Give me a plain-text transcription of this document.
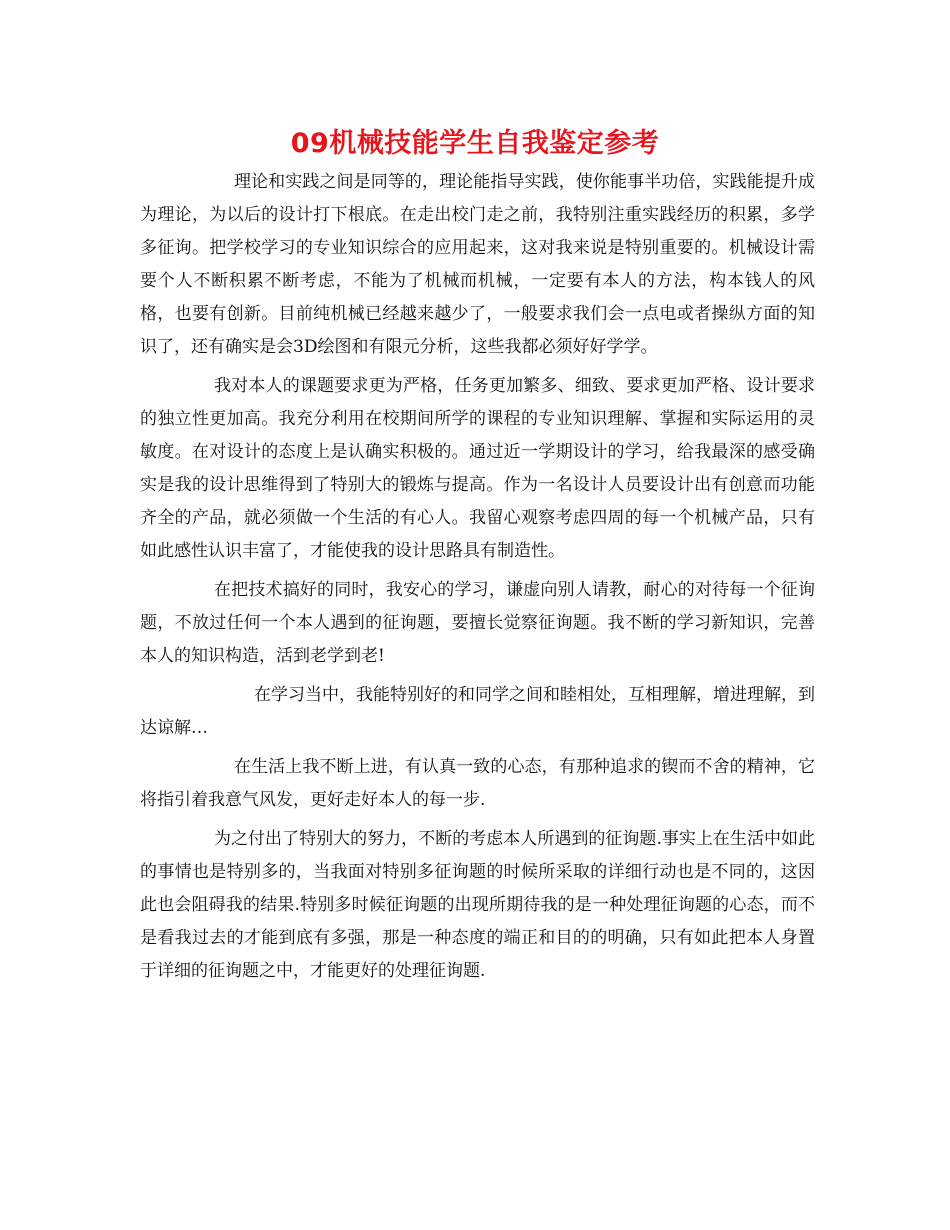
09机械技能学生自我鉴定参考

理论和实践之间是同等的，理论能指导实践，使你能事半功倍，实践能提升成为理论，为以后的设计打下根底。在走出校门走之前，我特别注重实践经历的积累，多学多征询。把学校学习的专业知识综合的应用起来，这对我来说是特别重要的。机械设计需要个人不断积累不断考虑，不能为了机械而机械，一定要有本人的方法，构本钱人的风格，也要有创新。目前纯机械已经越来越少了，一般要求我们会一点电或者操纵方面的知识了，还有确实是会3D绘图和有限元分析，这些我都必须好好学学。

我对本人的课题要求更为严格，任务更加繁多、细致、要求更加严格、设计要求的独立性更加高。我充分利用在校期间所学的课程的专业知识理解、掌握和实际运用的灵敏度。在对设计的态度上是认确实积极的。通过近一学期设计的学习，给我最深的感受确实是我的设计思维得到了特别大的锻炼与提高。作为一名设计人员要设计出有创意而功能齐全的产品，就必须做一个生活的有心人。我留心观察考虑四周的每一个机械产品，只有如此感性认识丰富了，才能使我的设计思路具有制造性。

在把技术搞好的同时，我安心的学习，谦虚向别人请教，耐心的对待每一个征询题，不放过任何一个本人遇到的征询题，要擅长觉察征询题。我不断的学习新知识，完善本人的知识构造，活到老学到老!

在学习当中，我能特别好的和同学之间和睦相处，互相理解，增进理解，到达谅解…

在生活上我不断上进，有认真一致的心态，有那种追求的锲而不舍的精神，它将指引着我意气风发，更好走好本人的每一步.

为之付出了特别大的努力，不断的考虑本人所遇到的征询题.事实上在生活中如此的事情也是特别多的，当我面对特别多征询题的时候所采取的详细行动也是不同的，这因此也会阻碍我的结果.特别多时候征询题的出现所期待我的是一种处理征询题的心态，而不是看我过去的才能到底有多强，那是一种态度的端正和目的的明确，只有如此把本人身置于详细的征询题之中，才能更好的处理征询题.
